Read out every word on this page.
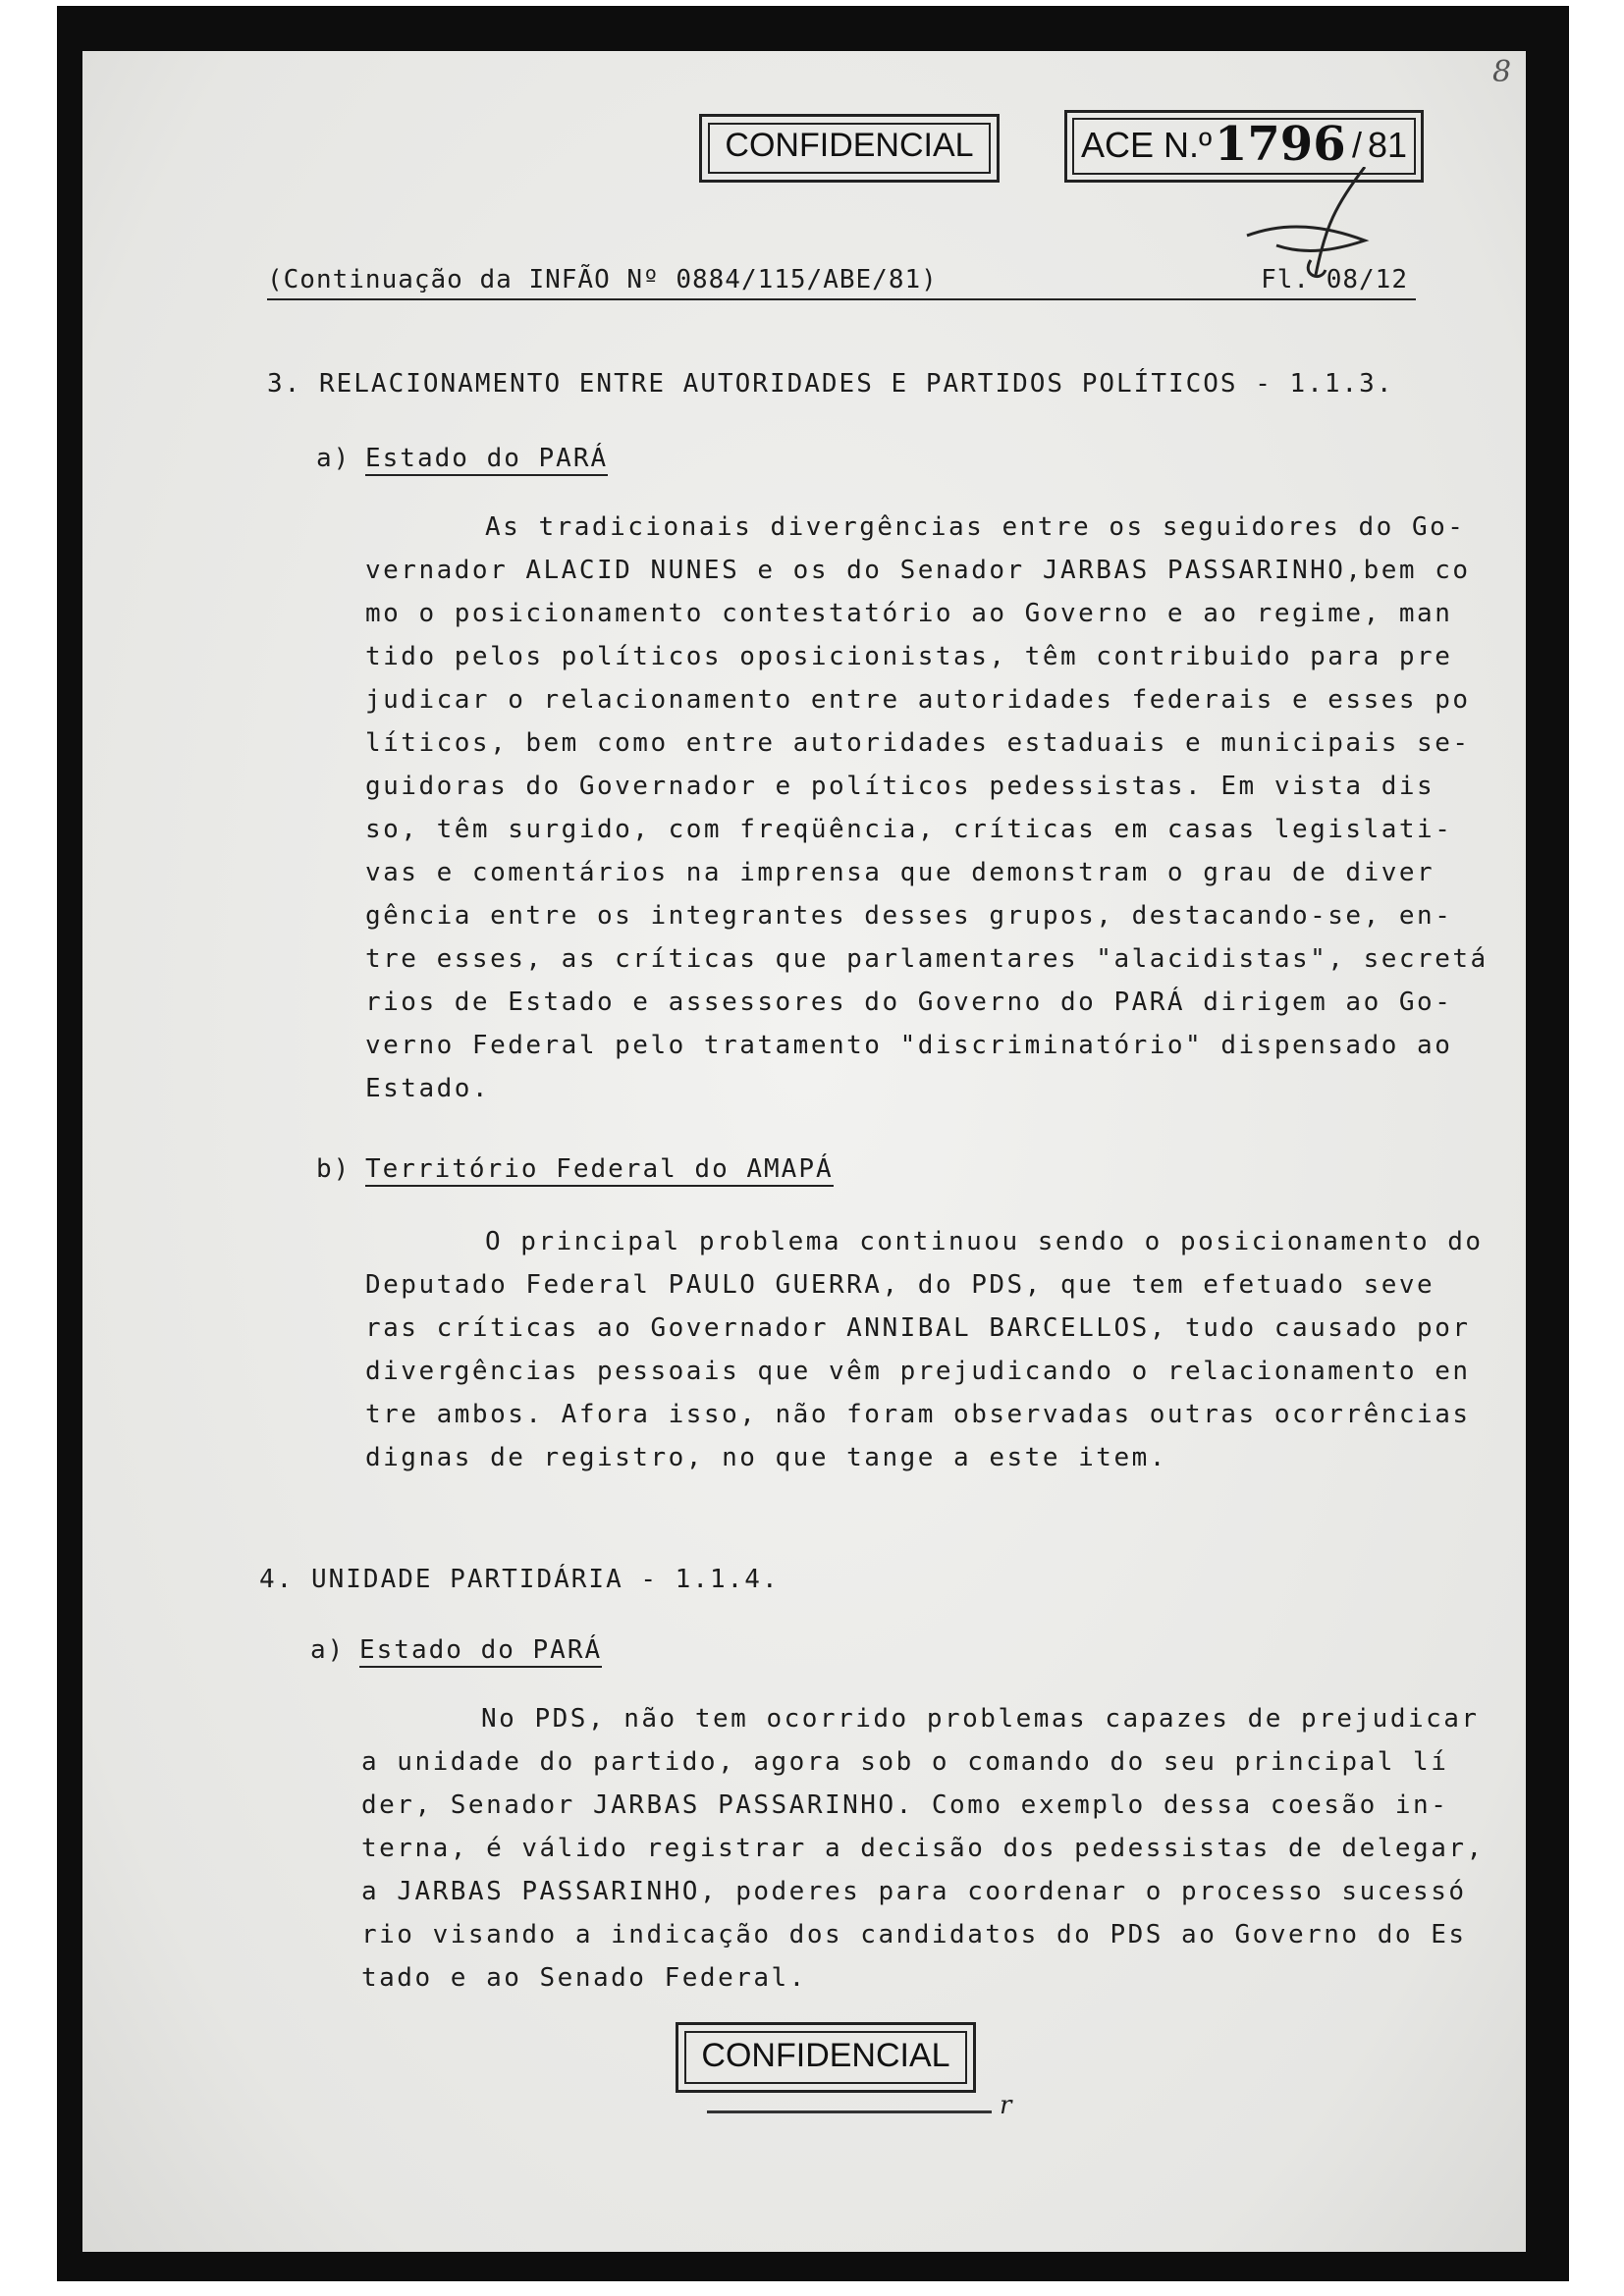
8
CONFIDENCIAL	ACE N.º 1796 / 81
(Continuação da INFÃO Nº 0884/115/ABE/81)	Fl. 08/12
3. RELACIONAMENTO ENTRE AUTORIDADES E PARTIDOS POLÍTICOS - 1.1.3.
a) Estado do PARÁ
As tradicionais divergências entre os seguidores do Go-
vernador ALACID NUNES e os do Senador JARBAS PASSARINHO,bem co
mo o posicionamento contestatório ao Governo e ao regime, man
tido pelos políticos oposicionistas, têm contribuido para pre
judicar o relacionamento entre autoridades federais e esses po
líticos, bem como entre autoridades estaduais e municipais se-
guidoras do Governador e políticos pedessistas. Em vista dis
so, têm surgido, com freqüência, críticas em casas legislati-
vas e comentários na imprensa que demonstram o grau de diver
gência entre os integrantes desses grupos, destacando-se, en-
tre esses, as críticas que parlamentares "alacidistas", secretá
rios de Estado e assessores do Governo do PARÁ dirigem ao Go-
verno Federal pelo tratamento "discriminatório" dispensado ao
Estado.
b) Território Federal do AMAPÁ
O principal problema continuou sendo o posicionamento do
Deputado Federal PAULO GUERRA, do PDS, que tem efetuado seve
ras críticas ao Governador ANNIBAL BARCELLOS, tudo causado por
divergências pessoais que vêm prejudicando o relacionamento en
tre ambos. Afora isso, não foram observadas outras ocorrências
dignas de registro, no que tange a este item.
4. UNIDADE PARTIDÁRIA - 1.1.4.
a) Estado do PARÁ
No PDS, não tem ocorrido problemas capazes de prejudicar
a unidade do partido, agora sob o comando do seu principal lí
der, Senador JARBAS PASSARINHO. Como exemplo dessa coesão in-
terna, é válido registrar a decisão dos pedessistas de delegar,
a JARBAS PASSARINHO, poderes para coordenar o processo sucessó
rio visando a indicação dos candidatos do PDS ao Governo do Es
tado e ao Senado Federal.
CONFIDENCIAL
r
